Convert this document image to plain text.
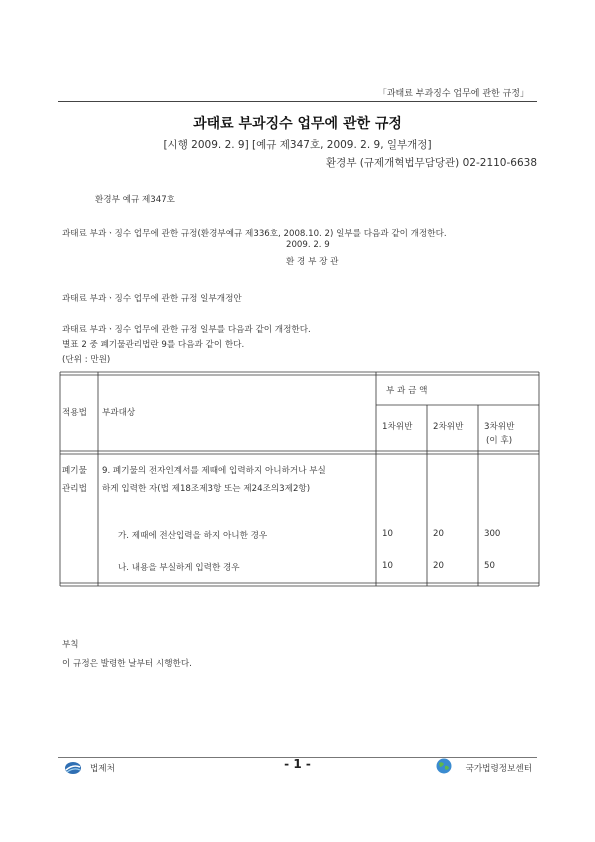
「과태료 부과징수 업무에 관한 규정」
과태료 부과징수 업무에 관한 규정
[시행 2009. 2. 9] [예규 제347호, 2009. 2. 9, 일부개정]
환경부 (규제개혁법무담당관) 02-2110-6638
환경부 예규 제347호
과태료 부과ㆍ징수 업무에 관한 규정(환경부예규 제336호, 2008.10. 2) 일부를 다음과 같이 개정한다.
2009. 2. 9
환 경 부 장 관
과태료 부과ㆍ징수 업무에 관한 규정 일부개정안
과태료 부과ㆍ징수 업무에 관한 규정 일부를 다음과 같이 개정한다.
별표 2 중 폐기물관리법란 9를 다음과 같이 한다.
(단위 : 만원)
적용법 부과대상
부 과 금 액
1차위반 2차위반 3차위반
(이 후)
폐기물
관리법
9. 폐기물의 전자인계서를 제때에 입력하지 아니하거나 부실
하게 입력한 자(법 제18조제3항 또는 제24조의3제2항)
가. 제때에 전산입력을 하지 아니한 경우	10	20	300
나. 내용을 부실하게 입력한 경우	10	20	50
부칙
이 규정은 발령한 날부터 시행한다.
법제처	- 1 -	국가법령정보센터
